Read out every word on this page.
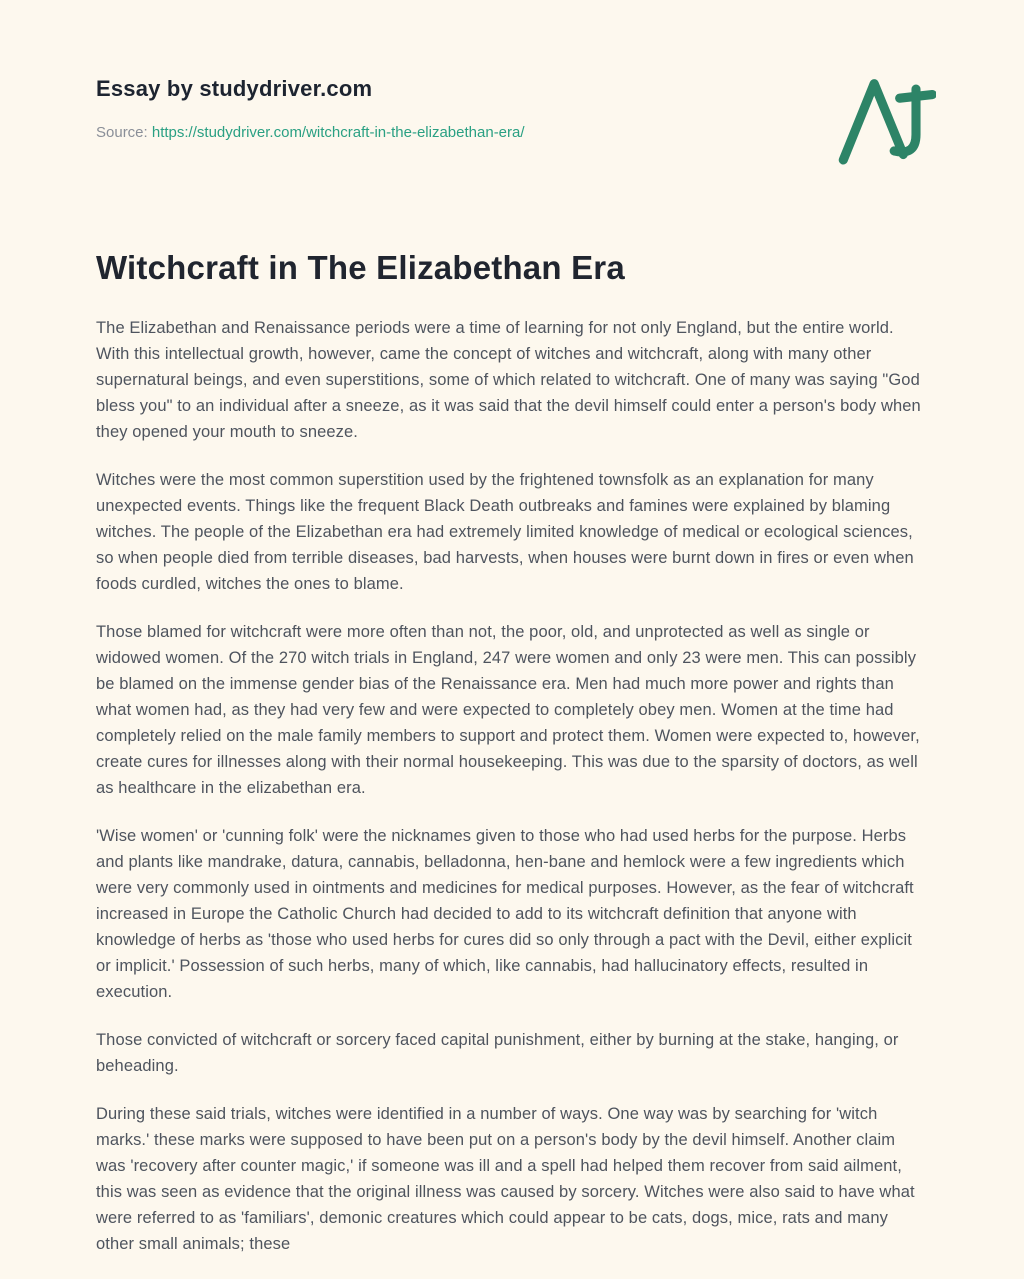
Essay by studydriver.com
Source: https://studydriver.com/witchcraft-in-the-elizabethan-era/
Witchcraft in The Elizabethan Era

The Elizabethan and Renaissance periods were a time of learning for not only England, but the entire world. With this intellectual growth, however, came the concept of witches and witchcraft, along with many other supernatural beings, and even superstitions, some of which related to witchcraft. One of many was saying "God bless you" to an individual after a sneeze, as it was said that the devil himself could enter a person's body when they opened your mouth to sneeze.

Witches were the most common superstition used by the frightened townsfolk as an explanation for many unexpected events. Things like the frequent Black Death outbreaks and famines were explained by blaming witches. The people of the Elizabethan era had extremely limited knowledge of medical or ecological sciences, so when people died from terrible diseases, bad harvests, when houses were burnt down in fires or even when foods curdled, witches the ones to blame.

Those blamed for witchcraft were more often than not, the poor, old, and unprotected as well as single or widowed women. Of the 270 witch trials in England, 247 were women and only 23 were men. This can possibly be blamed on the immense gender bias of the Renaissance era. Men had much more power and rights than what women had, as they had very few and were expected to completely obey men. Women at the time had completely relied on the male family members to support and protect them. Women were expected to, however, create cures for illnesses along with their normal housekeeping. This was due to the sparsity of doctors, as well as healthcare in the elizabethan era.

'Wise women' or 'cunning folk' were the nicknames given to those who had used herbs for the purpose. Herbs and plants like mandrake, datura, cannabis, belladonna, hen-bane and hemlock were a few ingredients which were very commonly used in ointments and medicines for medical purposes. However, as the fear of witchcraft increased in Europe the Catholic Church had decided to add to its witchcraft definition that anyone with knowledge of herbs as 'those who used herbs for cures did so only through a pact with the Devil, either explicit or implicit.' Possession of such herbs, many of which, like cannabis, had hallucinatory effects, resulted in execution.

Those convicted of witchcraft or sorcery faced capital punishment, either by burning at the stake, hanging, or beheading.

During these said trials, witches were identified in a number of ways. One way was by searching for 'witch marks.' these marks were supposed to have been put on a person's body by the devil himself. Another claim was 'recovery after counter magic,' if someone was ill and a spell had helped them recover from said ailment, this was seen as evidence that the original illness was caused by sorcery. Witches were also said to have what were referred to as 'familiars', demonic creatures which could appear to be cats, dogs, mice, rats and many other small animals; these
